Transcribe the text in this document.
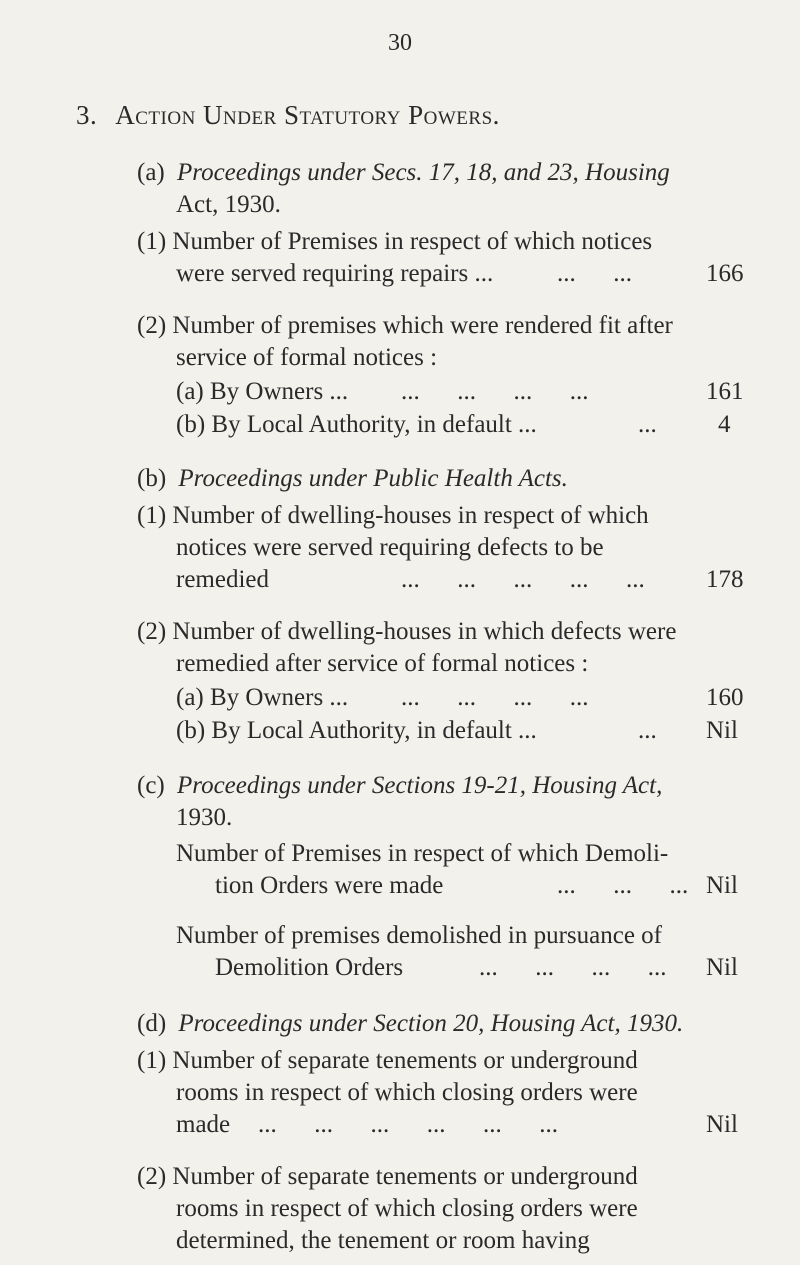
30
3. Action Under Statutory Powers.
(a) Proceedings under Secs. 17, 18, and 23, Housing
Act, 1930.
(1) Number of Premises in respect of which notices
were served requiring repairs ...	...      ...	166
(2) Number of premises which were rendered fit after
service of formal notices :
(a) By Owners ...	...      ...      ...      ...	161
(b) By Local Authority, in default ...	... 4
(b) Proceedings under Public Health Acts.
(1) Number of dwelling-houses in respect of which
notices were served requiring defects to be
remedied	...      ...      ...      ...      ... 178
(2) Number of dwelling-houses in which defects were
remedied after service of formal notices :
(a) By Owners ...	...      ...      ...      ...	160
(b) By Local Authority, in default ...	... Nil
(c) Proceedings under Sections 19-21, Housing Act,
1930.
Number of Premises in respect of which Demoli-
tion Orders were made	...      ...      ... Nil
Number of premises demolished in pursuance of
Demolition Orders	...      ...      ...      ... Nil
(d) Proceedings under Section 20, Housing Act, 1930.
(1) Number of separate tenements or underground
rooms in respect of which closing orders were
made	...      ...      ...      ...      ...      ...	Nil
(2) Number of separate tenements or underground
rooms in respect of which closing orders were
determined, the tenement or room having
